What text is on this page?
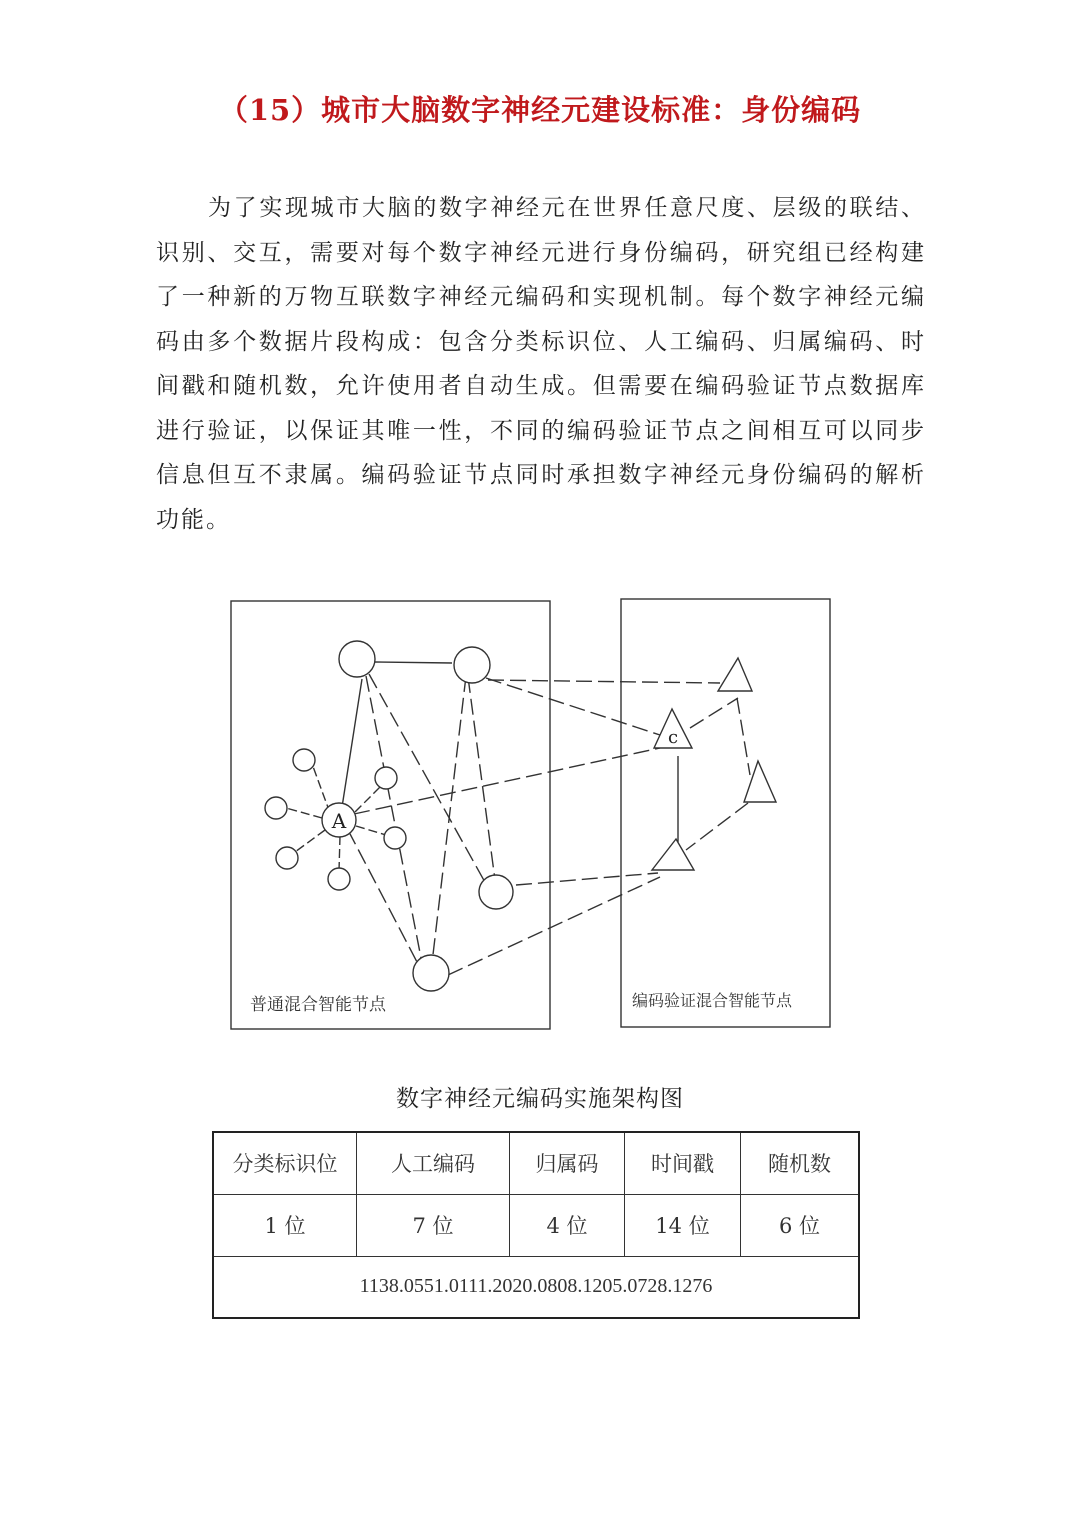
（15）城市大脑数字神经元建设标准：身份编码
为了实现城市大脑的数字神经元在世界任意尺度、层级的联结、识别、交互，需要对每个数字神经元进行身份编码，研究组已经构建了一种新的万物互联数字神经元编码和实现机制。每个数字神经元编码由多个数据片段构成：包含分类标识位、人工编码、归属编码、时间戳和随机数，允许使用者自动生成。但需要在编码验证节点数据库进行验证，以保证其唯一性，不同的编码验证节点之间相互可以同步信息但互不隶属。编码验证节点同时承担数字神经元身份编码的解析功能。
A
c
普通混合智能节点	编码验证混合智能节点
数字神经元编码实施架构图
分类标识位	人工编码	归属码	时间戳	随机数
1 位	7 位	4 位	14 位	6 位
1138.0551.0111.2020.0808.1205.0728.1276				
